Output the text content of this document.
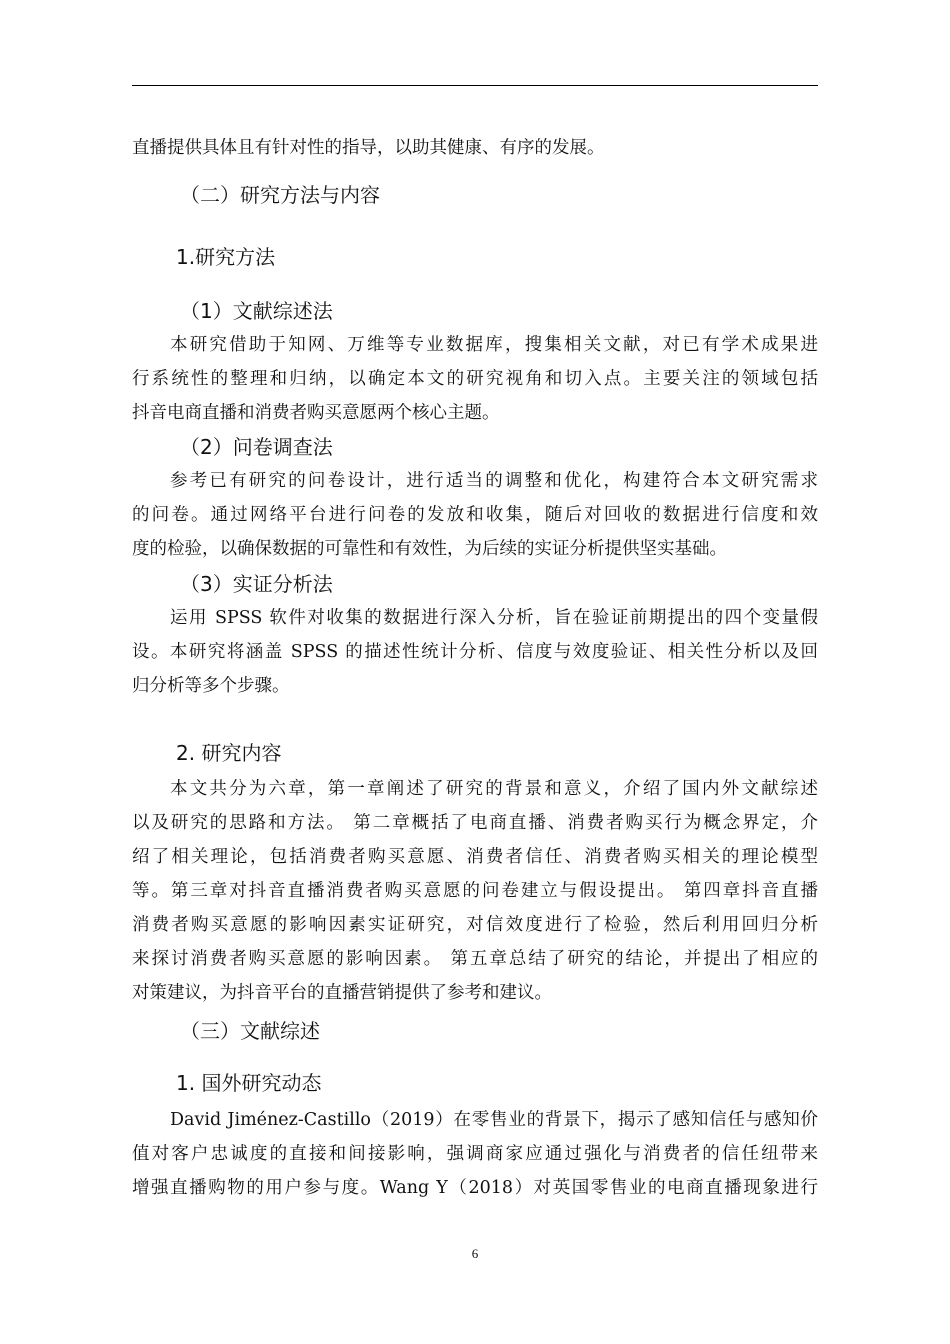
直播提供具体且有针对性的指导，以助其健康、有序的发展。
（二）研究方法与内容
1.研究方法
（1）文献综述法
本研究借助于知网、万维等专业数据库，搜集相关文献，对已有学术成果进
行系统性的整理和归纳，以确定本文的研究视角和切入点。主要关注的领域包括
抖音电商直播和消费者购买意愿两个核心主题。
（2）问卷调查法
参考已有研究的问卷设计，进行适当的调整和优化，构建符合本文研究需求
的问卷。通过网络平台进行问卷的发放和收集，随后对回收的数据进行信度和效
度的检验，以确保数据的可靠性和有效性，为后续的实证分析提供坚实基础。
（3）实证分析法
运用 SPSS 软件对收集的数据进行深入分析，旨在验证前期提出的四个变量假
设。本研究将涵盖 SPSS 的描述性统计分析、信度与效度验证、相关性分析以及回
归分析等多个步骤。
2. 研究内容
本文共分为六章，第一章阐述了研究的背景和意义，介绍了国内外文献综述
以及研究的思路和方法。 第二章概括了电商直播、消费者购买行为概念界定，介
绍了相关理论，包括消费者购买意愿、消费者信任、消费者购买相关的理论模型
等。第三章对抖音直播消费者购买意愿的问卷建立与假设提出。 第四章抖音直播
消费者购买意愿的影响因素实证研究，对信效度进行了检验，然后利用回归分析
来探讨消费者购买意愿的影响因素。 第五章总结了研究的结论，并提出了相应的
对策建议，为抖音平台的直播营销提供了参考和建议。
（三）文献综述
1. 国外研究动态
David Jiménez-Castillo（2019）在零售业的背景下，揭示了感知信任与感知价
值对客户忠诚度的直接和间接影响，强调商家应通过强化与消费者的信任纽带来
增强直播购物的用户参与度。Wang Y（2018）对英国零售业的电商直播现象进行
6
